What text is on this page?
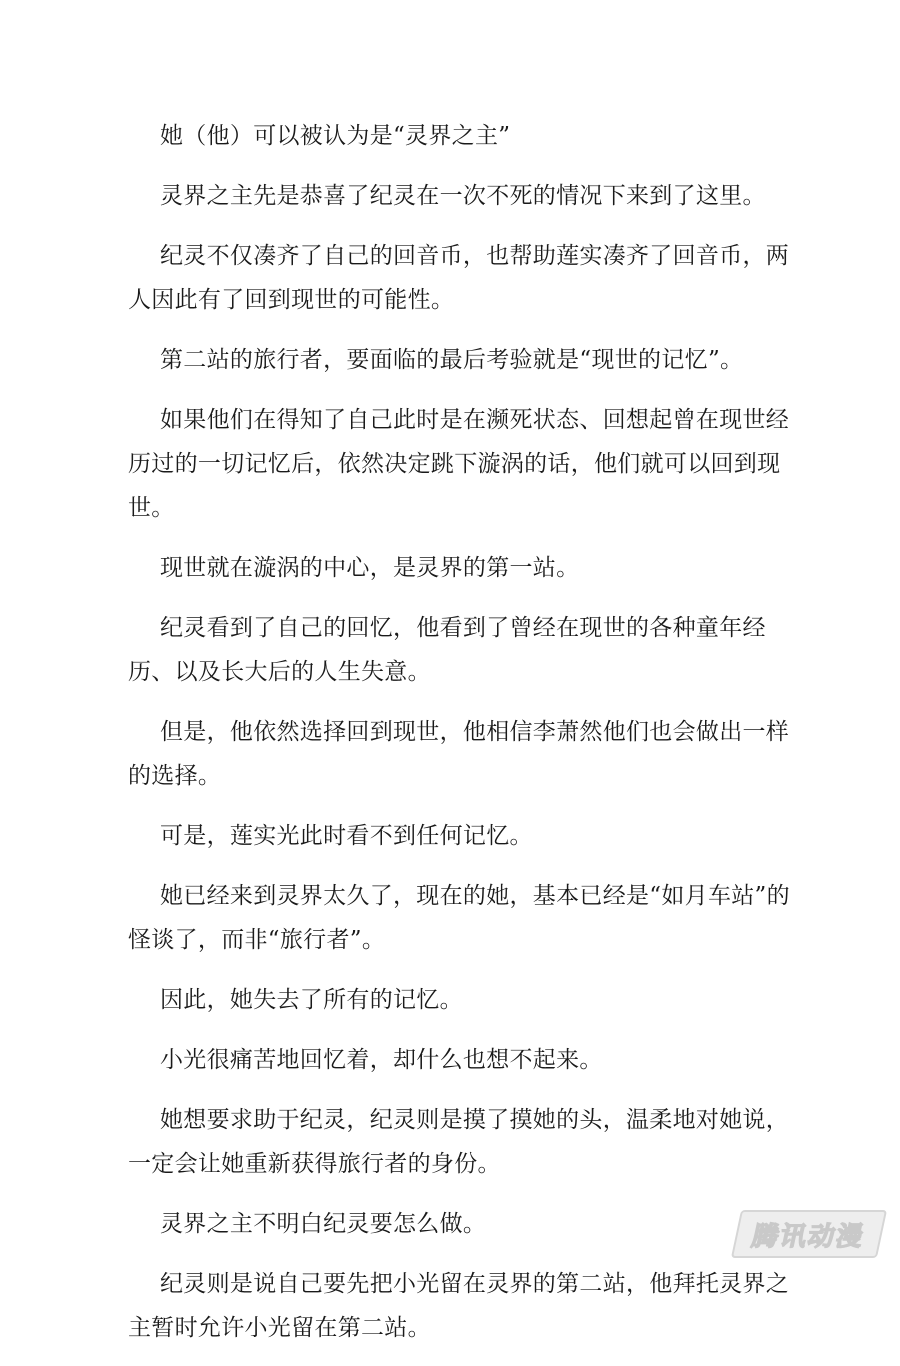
她（他）可以被认为是“灵界之主”

灵界之主先是恭喜了纪灵在一次不死的情况下来到了这里。

纪灵不仅凑齐了自己的回音币，也帮助莲实凑齐了回音币，两人因此有了回到现世的可能性。

第二站的旅行者，要面临的最后考验就是“现世的记忆”。

如果他们在得知了自己此时是在濒死状态、回想起曾在现世经历过的一切记忆后，依然决定跳下漩涡的话，他们就可以回到现世。

现世就在漩涡的中心，是灵界的第一站。

纪灵看到了自己的回忆，他看到了曾经在现世的各种童年经历、以及长大后的人生失意。

但是，他依然选择回到现世，他相信李萧然他们也会做出一样的选择。

可是，莲实光此时看不到任何记忆。

她已经来到灵界太久了，现在的她，基本已经是“如月车站”的怪谈了，而非“旅行者”。

因此，她失去了所有的记忆。

小光很痛苦地回忆着，却什么也想不起来。

她想要求助于纪灵，纪灵则是摸了摸她的头，温柔地对她说，一定会让她重新获得旅行者的身份。

灵界之主不明白纪灵要怎么做。

纪灵则是说自己要先把小光留在灵界的第二站，他拜托灵界之主暂时允许小光留在第二站。

腾讯动漫
